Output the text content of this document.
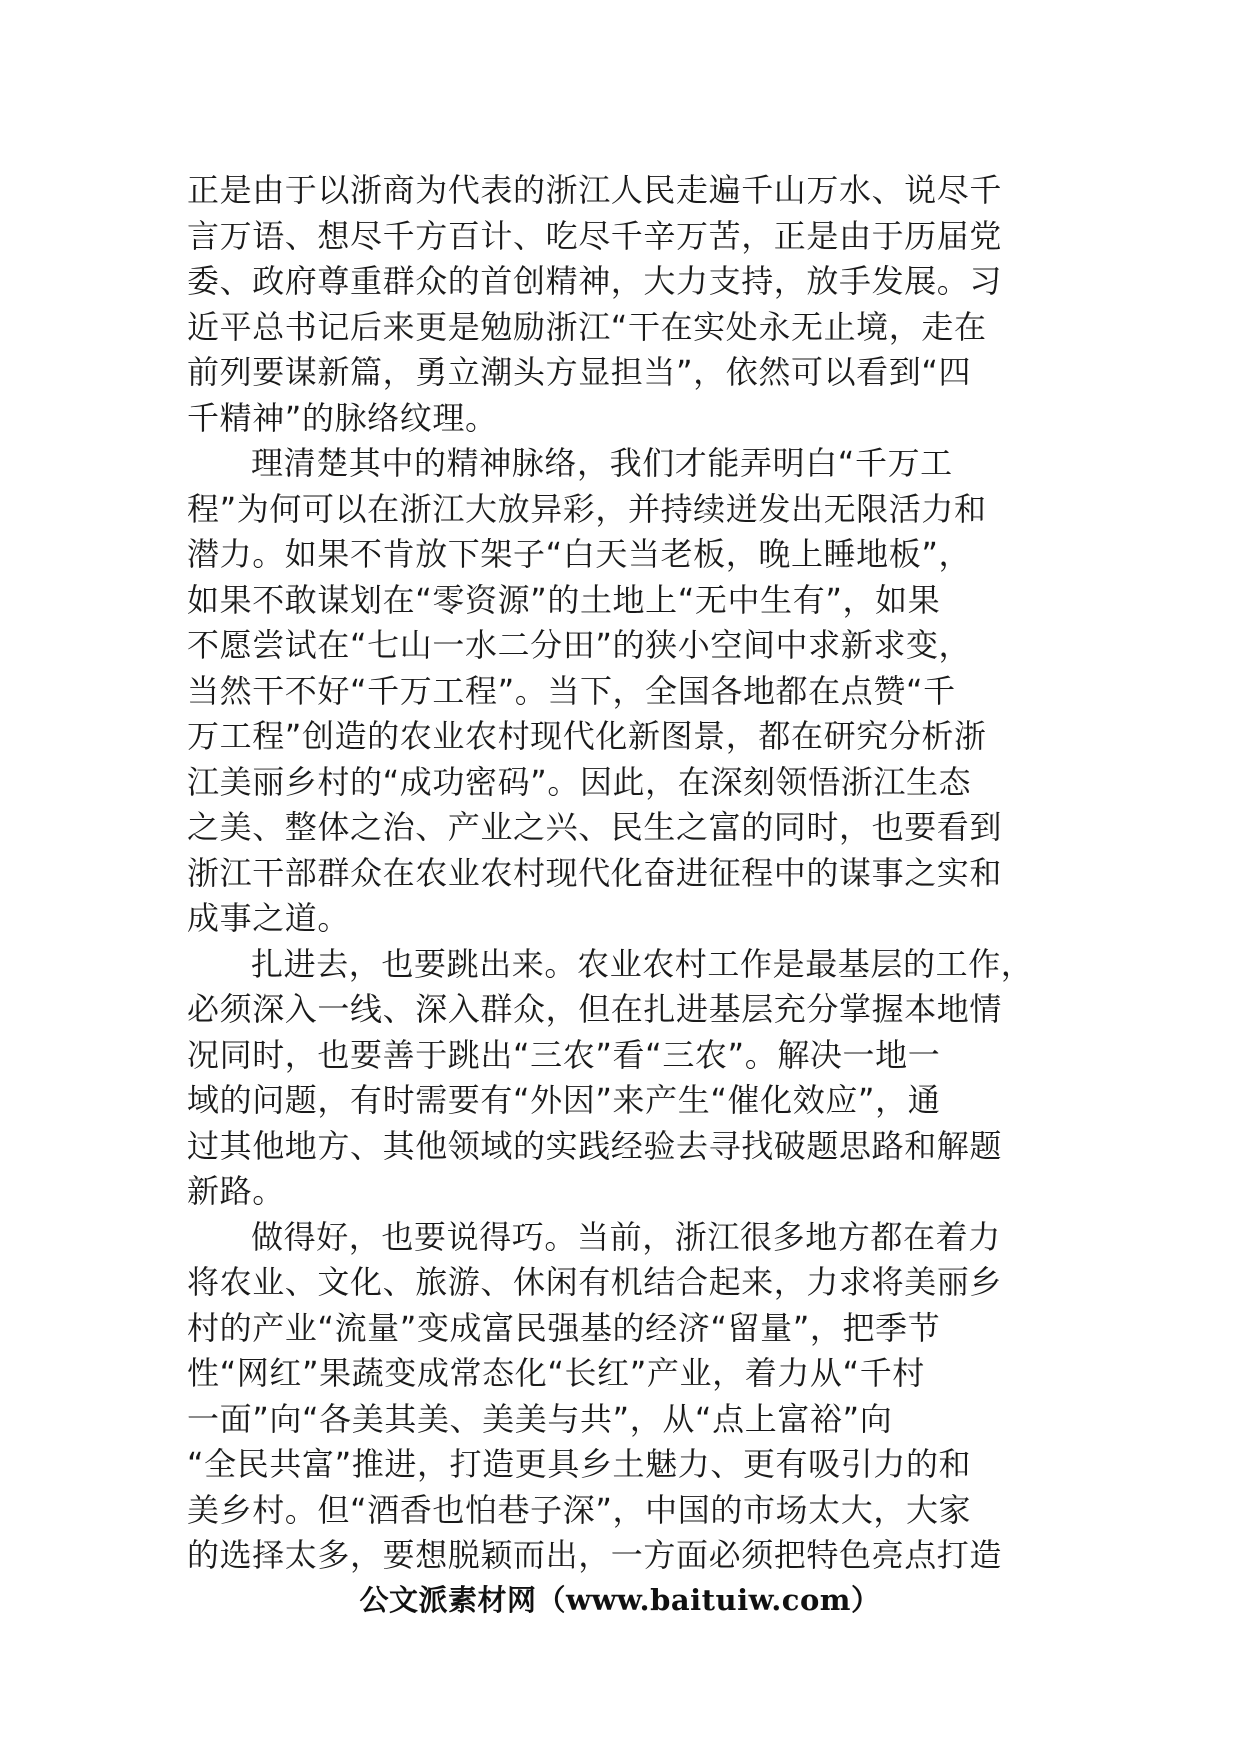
正是由于以浙商为代表的浙江人民走遍千山万水、说尽千
言万语、想尽千方百计、吃尽千辛万苦，正是由于历届党
委、政府尊重群众的首创精神，大力支持，放手发展。习
近平总书记后来更是勉励浙江“干在实处永无止境，走在
前列要谋新篇，勇立潮头方显担当”，依然可以看到“四
千精神”的脉络纹理。
理清楚其中的精神脉络，我们才能弄明白“千万工
程”为何可以在浙江大放异彩，并持续迸发出无限活力和
潜力。如果不肯放下架子“白天当老板，晚上睡地板”，
如果不敢谋划在“零资源”的土地上“无中生有”，如果
不愿尝试在“七山一水二分田”的狭小空间中求新求变，
当然干不好“千万工程”。当下，全国各地都在点赞“千
万工程”创造的农业农村现代化新图景，都在研究分析浙
江美丽乡村的“成功密码”。因此，在深刻领悟浙江生态
之美、整体之治、产业之兴、民生之富的同时，也要看到
浙江干部群众在农业农村现代化奋进征程中的谋事之实和
成事之道。
扎进去，也要跳出来。农业农村工作是最基层的工作，
必须深入一线、深入群众，但在扎进基层充分掌握本地情
况同时，也要善于跳出“三农”看“三农”。解决一地一
域的问题，有时需要有“外因”来产生“催化效应”，通
过其他地方、其他领域的实践经验去寻找破题思路和解题
新路。
做得好，也要说得巧。当前，浙江很多地方都在着力
将农业、文化、旅游、休闲有机结合起来，力求将美丽乡
村的产业“流量”变成富民强基的经济“留量”，把季节
性“网红”果蔬变成常态化“长红”产业，着力从“千村
一面”向“各美其美、美美与共”，从“点上富裕”向
“全民共富”推进，打造更具乡土魅力、更有吸引力的和
美乡村。但“酒香也怕巷子深”，中国的市场太大，大家
的选择太多，要想脱颖而出，一方面必须把特色亮点打造
公文派素材网（www.baituiw.com）
